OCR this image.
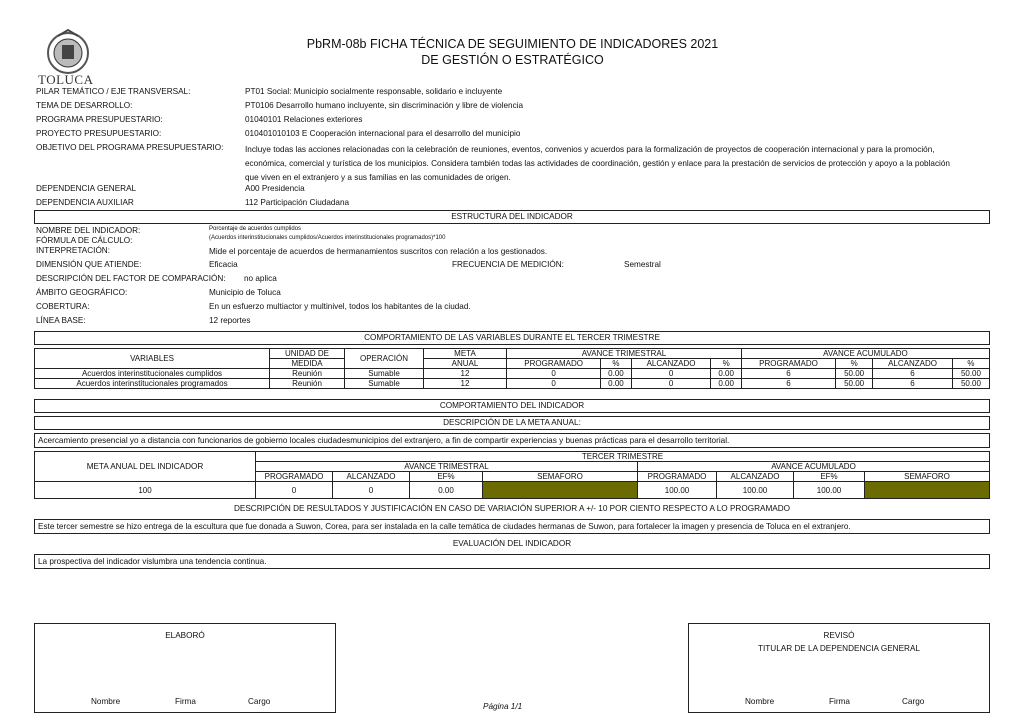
TOLUCA
PbRM-08b FICHA TÉCNICA DE SEGUIMIENTO DE INDICADORES 2021
DE GESTIÓN O ESTRATÉGICO
PILAR TEMÁTICO / EJE TRANSVERSAL:	PT01 Social: Municipio socialmente responsable, solidario e incluyente
TEMA DE DESARROLLO:	PT0106 Desarrollo humano incluyente, sin discriminación y libre de violencia
PROGRAMA PRESUPUESTARIO:	01040101 Relaciones exteriores
PROYECTO PRESUPUESTARIO:	010401010103 E Cooperación internacional para el desarrollo del municipio
OBJETIVO DEL PROGRAMA PRESUPUESTARIO:	Incluye todas las acciones relacionadas con la celebración de reuniones, eventos, convenios y acuerdos para la formalización de proyectos de cooperación internacional y para la promoción,
económica, comercial y turística de los municipios. Considera también todas las actividades de coordinación, gestión y enlace para la prestación de servicios de protección y apoyo a la población
que viven en el extranjero y a sus familias en las comunidades de origen.
DEPENDENCIA GENERAL	A00 Presidencia
DEPENDENCIA AUXILIAR	112 Participación Ciudadana
ESTRUCTURA DEL INDICADOR
NOMBRE DEL INDICADOR:	Porcentaje de acuerdos cumplidos
FÓRMULA DE CÁLCULO:	(Acuerdos interinstitucionales cumplidos/Acuerdos interinstitucionales programados)*100
INTERPRETACIÓN:	Mide el porcentaje de acuerdos de hermanamientos suscritos con relación a los gestionados.
DIMENSIÓN QUE ATIENDE:	Eficacia	FRECUENCIA DE MEDICIÓN:	Semestral
DESCRIPCIÓN DEL FACTOR DE COMPARACIÓN: no aplica
ÁMBITO GEOGRÁFICO:	Municipio de Toluca
COBERTURA:	En un esfuerzo multiactor y multinivel, todos los habitantes de la ciudad.
LÍNEA BASE:	12 reportes
COMPORTAMIENTO DE LAS VARIABLES DURANTE EL TERCER TRIMESTRE
VARIABLES	UNIDAD DE	OPERACIÓN	META	AVANCE TRIMESTRAL				AVANCE ACUMULADO			
	MEDIDA		ANUAL	PROGRAMADO	%	ALCANZADO	%	PROGRAMADO	%	ALCANZADO	%
Acuerdos interinstitucionales cumplidos	Reunión	Sumable	12	0	0.00	0	0.00	6	50.00	6	50.00
Acuerdos interinstitucionales programados	Reunión	Sumable	12	0	0.00	0	0.00	6	50.00	6	50.00
COMPORTAMIENTO DEL INDICADOR
DESCRIPCIÓN DE LA META ANUAL:
Acercamiento presencial yo a distancia con funcionarios de gobierno locales ciudadesmunicipios del extranjero, a fin de compartir experiencias y buenas prácticas para el desarrollo territorial.
META ANUAL DEL INDICADOR	TERCER TRIMESTRE							
	AVANCE TRIMESTRAL				AVANCE ACUMULADO			
	PROGRAMADO	ALCANZADO	EF%	SEMAFORO	PROGRAMADO	ALCANZADO	EF%	SEMAFORO
100	0	0	0.00		100.00	100.00	100.00	
DESCRIPCIÓN DE RESULTADOS Y JUSTIFICACIÓN EN CASO DE VARIACIÓN SUPERIOR A +/- 10 POR CIENTO RESPECTO A LO PROGRAMADO
Este tercer semestre se hizo entrega de la escultura que fue donada a Suwon, Corea, para ser instalada en la calle temática de ciudades hermanas de Suwon, para fortalecer la imagen y presencia de Toluca en el extranjero.
EVALUACIÓN DEL INDICADOR
La prospectiva del indicador vislumbra una tendencia continua.
ELABORÓ
Nombre	Firma	Cargo
Página 1/1
REVISÓ
TITULAR DE LA DEPENDENCIA GENERAL
Nombre	Firma	Cargo
